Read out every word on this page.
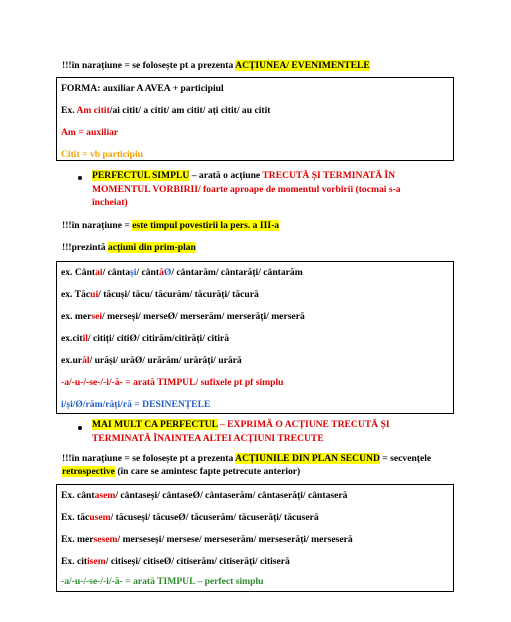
!!!în narațiune = se folosește pt a prezenta ACȚIUNEA/ EVENIMENTELE
FORMA: auxiliar A AVEA + participiul
Ex. Am citit/ai citit/ a citit/ am citit/ ați citit/ au citit
Am = auxiliar
Citit = vb participiu
PERFECTUL SIMPLU – arată o acțiune TRECUTĂ ȘI TERMINATĂ ÎN
MOMENTUL VORBIRII/ foarte aproape de momentul vorbirii (tocmai s-a
încheiat)
!!!în narațiune = este timpul povestirii la pers. a III-a
!!!prezintă acțiuni din prim-plan
ex. Cântai/ cântași/ cântăØ/ cântarăm/ cântarăți/ cântarăm
ex. Tăcui/ tăcuși/ tăcu/ tăcurăm/ tăcurăți/ tăcură
ex. mersei/ merseși/ merseØ/ merserăm/ merserăți/ merseră
ex.citil/ citiți/ citiØ/ citirăm/citirăți/ citiră
ex.urăl/ urăși/ urăØ/ urărăm/ urărăți/ urără
-a/-u-/-se-/-i/-ă- = arată TIMPUL/ sufixele pt pf simplu
i/și/Ø/răm/răți/ră = DESINENȚELE
MAI MULT CA PERFECTUL – EXPRIMĂ O ACȚIUNE TRECUTĂ ȘI
TERMINATĂ ÎNAINTEA ALTEI ACȚIUNI TRECUTE
!!!în narațiune = se folosește pt a prezenta ACȚIUNILE DIN PLAN SECUND = secvențele
retrospective (în care se amintesc fapte petrecute anterior)
Ex. cântasem/ cântaseși/ cântaseØ/ cântaserăm/ cântaserăți/ cântaseră
Ex. tăcusem/ tăcuseși/ tăcuseØ/ tăcuserăm/ tăcuserăți/ tăcuseră
Ex. mersesem/ merseseși/ mersese/ merseserăm/ merseserăți/ merseseră
Ex. citisem/ citiseși/ citiseØ/ citiserăm/ citiserăți/ citiseră
-a/-u-/-se-/-i/-ă- = arată TIMPUL – perfect simplu
